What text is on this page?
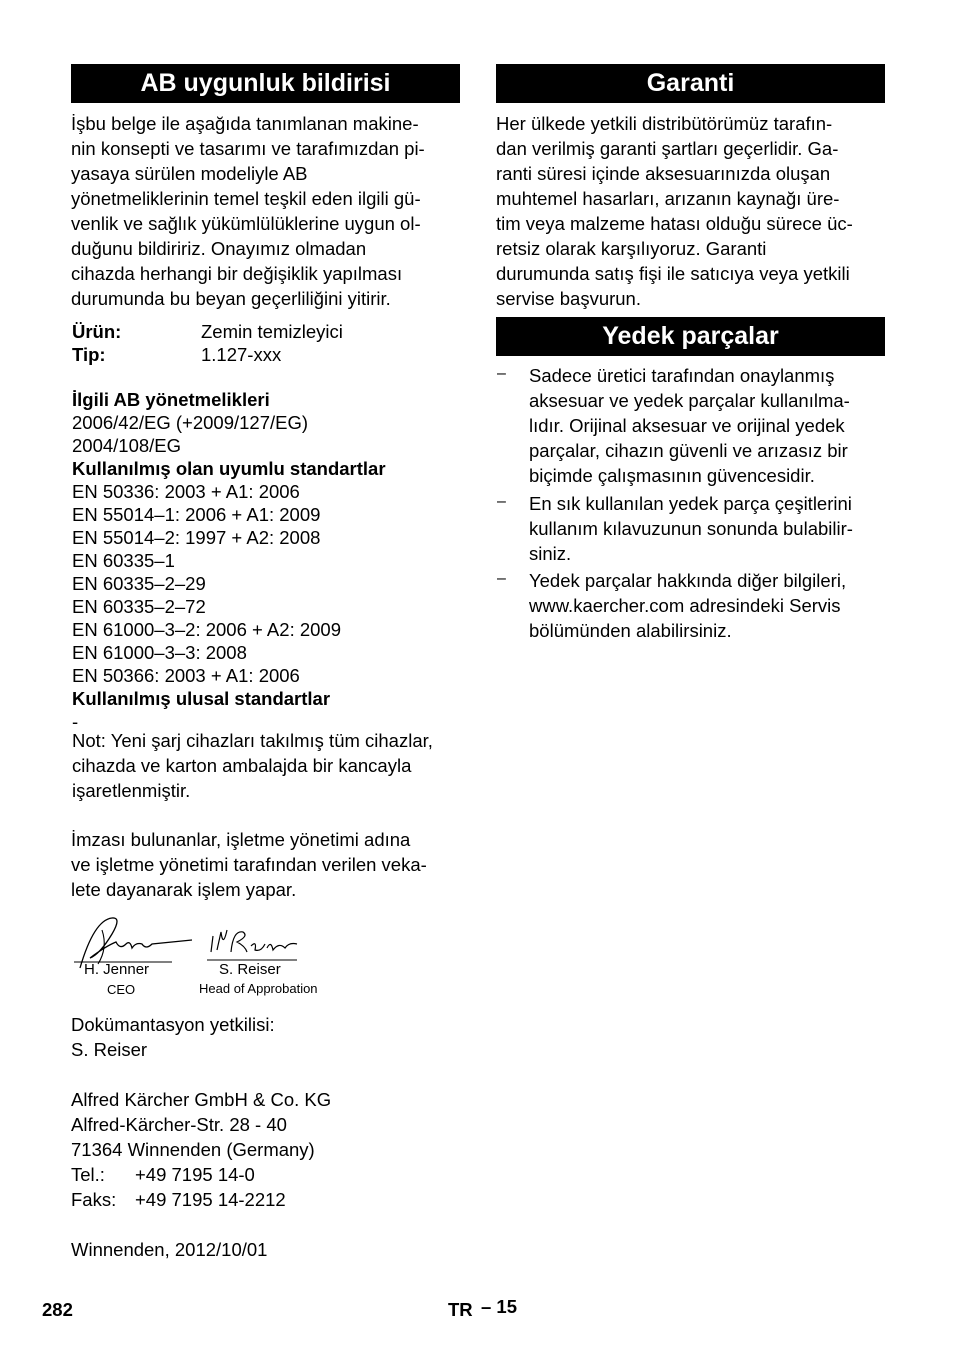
AB uygunluk bildirisi
İşbu belge ile aşağıda tanımlanan makine-
nin konsepti ve tasarımı ve tarafımızdan pi-
yasaya sürülen modeliyle AB
yönetmeliklerinin temel teşkil eden ilgili gü-
venlik ve sağlık yükümlülüklerine uygun ol-
duğunu bildiririz. Onayımız olmadan
cihazda herhangi bir değişiklik yapılması
durumunda bu beyan geçerliliğini yitirir.
Ürün:	Zemin temizleyici
Tip:	1.127-xxx
İlgili AB yönetmelikleri
2006/42/EG (+2009/127/EG)
2004/108/EG
Kullanılmış olan uyumlu standartlar
EN 50336: 2003 + A1: 2006
EN 55014–1: 2006 + A1: 2009
EN 55014–2: 1997 + A2: 2008
EN 60335–1
EN 60335–2–29
EN 60335–2–72
EN 61000–3–2: 2006 + A2: 2009
EN 61000–3–3: 2008
EN 50366: 2003 + A1: 2006
Kullanılmış ulusal standartlar
-
Not: Yeni şarj cihazları takılmış tüm cihazlar,
cihazda ve karton ambalajda bir kancayla
işaretlenmiştir.
İmzası bulunanlar, işletme yönetimi adına
ve işletme yönetimi tarafından verilen veka-
lete dayanarak işlem yapar.
H. Jenner
CEO
S. Reiser
Head of Approbation
Dokümantasyon yetkilisi:
S. Reiser
Alfred Kärcher GmbH & Co. KG
Alfred-Kärcher-Str. 28 - 40
71364 Winnenden (Germany)
Tel.: +49 7195 14-0
Faks: +49 7195 14-2212
Winnenden, 2012/10/01
Garanti
Her ülkede yetkili distribütörümüz tarafın-
dan verilmiş garanti şartları geçerlidir. Ga-
ranti süresi içinde aksesuarınızda oluşan
muhtemel hasarları, arızanın kaynağı üre-
tim veya malzeme hatası olduğu sürece üc-
retsiz olarak karşılıyoruz. Garanti
durumunda satış fişi ile satıcıya veya yetkili
servise başvurun.
Yedek parçalar
–	Sadece üretici tarafından onaylanmış
aksesuar ve yedek parçalar kullanılma-
lıdır. Orijinal aksesuar ve orijinal yedek
parçalar, cihazın güvenli ve arızasız bir
biçimde çalışmasının güvencesidir.
–	En sık kullanılan yedek parça çeşitlerini
kullanım kılavuzunun sonunda bulabilir-
siniz.
–	Yedek parçalar hakkında diğer bilgileri,
www.kaercher.com adresindeki Servis
bölümünden alabilirsiniz.
282	TR – 15
